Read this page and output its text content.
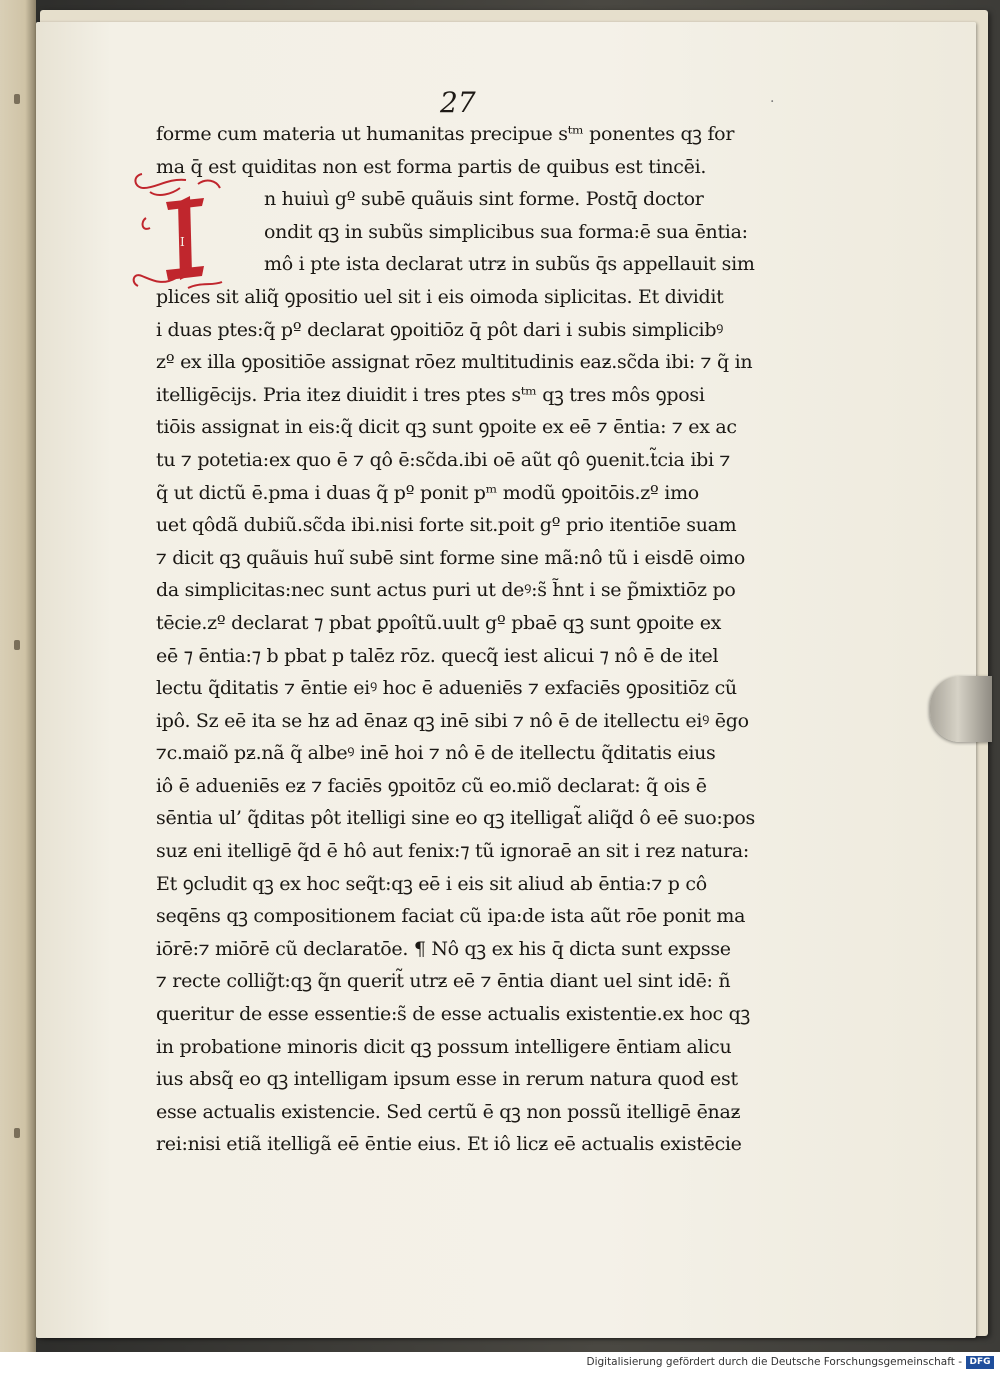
27	·
I
forme cum materia ut humanitas precipue sᵗᵐ ponentes qꝫ for
ma q̄ est quiditas non est forma partis de quibus est tincēi.
n huiuì gº subē quãuis sint forme. Postq̄ doctor
ondit qꝫ in subũs simplicibus sua forma:ē sua ēntia:
mô i pte ista declarat utrƶ in subũs q̄s appellauit sim
plices sit aliq̃ ꝯpositio uel sit i eis oimoda siplicitas. Et dividit
i duas ptes:q̃ pº declarat ꝯpoitiōz q̄ pôt dari i subis simplicibꝰ
zº ex illa ꝯpositiōe assignat rōez multitudinis eaƶ.sc̃da ibi: ⁊ q̃ in
itelligēcijs. Pria iteƶ diuidit i tres ptes sᵗᵐ qꝫ tres môs ꝯposi
tiōis assignat in eis:q̃ dicit qꝫ sunt ꝯpoite ex eē ⁊ ēntia: ⁊ ex ac
tu ⁊ potetia:ex quo ē ⁊ qô ē:sc̃da.ibi oē aũt qô ꝯuenit.t̃cia ibi ⁊
q̃ ut dictũ ē.pma i duas q̃ pº ponit pᵐ modũ ꝯpoitōis.zº imo
uet qôdã dubiũ.sc̃da ibi.nisi forte sit.poit gº prio itentiōe suam
⁊ dicit qꝫ quãuis huĩ subē sint forme sine mã:nô tũ i eisdē oimo
da simplicitas:nec sunt actus puri ut deꝰ:s̃ h̃nt i se p̃mixtiōz po
tēcie.zº declarat ⁊ pbat ꝑpoîtũ.uult gº pbaē qꝫ sunt ꝯpoite ex
eē ⁊ ēntia:⁊ b pbat p talēz rōz. quecq̃ iest alicui ⁊ nô ē de itel
lectu q̃ditatis ⁊ ēntie eiꝰ hoc ē adueniēs ⁊ exfaciēs ꝯpositiōz cũ
ipô. Sz eē ita se hƶ ad ēnaƶ qꝫ inē sibi ⁊ nô ē de itellectu eiꝰ ēgo
⁊c.maiõ pƶ.nã q̃ albeꝰ inē hoi ⁊ nô ē de itellectu q̃ditatis eius
iô ē adueniēs eƶ ⁊ faciēs ꝯpoitōz cũ eo.miõ declarat: q̃ ois ē
sēntia ul’ q̃ditas pôt itelligi sine eo qꝫ itelligat̃ aliq̃d ô eē suo:pos
suƶ eni itelligē q̃d ē hô aut fenix:⁊ tũ ignoraē an sit i reƶ natura:
Et ꝯcludit qꝫ ex hoc seq̃t:qꝫ eē i eis sit aliud ab ēntia:⁊ p cô
seqēns qꝫ compositionem faciat cũ ipa:de ista aũt rōe ponit ma
iōrē:⁊ miōrē cũ declaratōe. ¶ Nô qꝫ ex his q̄ dicta sunt expsse
⁊ recte collig̃t:qꝫ q̃n querit̃ utrƶ eē ⁊ ēntia diant uel sint idē: ñ
queritur de esse essentie:s̃ de esse actualis existentie.ex hoc qꝫ
in probatione minoris dicit qꝫ possum intelligere ēntiam alicu
ius absq̃ eo qꝫ intelligam ipsum esse in rerum natura quod est
esse actualis existencie. Sed certũ ē qꝫ non possũ itelligē ēnaƶ
rei:nisi etiã itelligã eē ēntie eius. Et iô licƶ eē actualis existēcie
Digitalisierung gefördert durch die Deutsche Forschungsgemeinschaft - DFG
